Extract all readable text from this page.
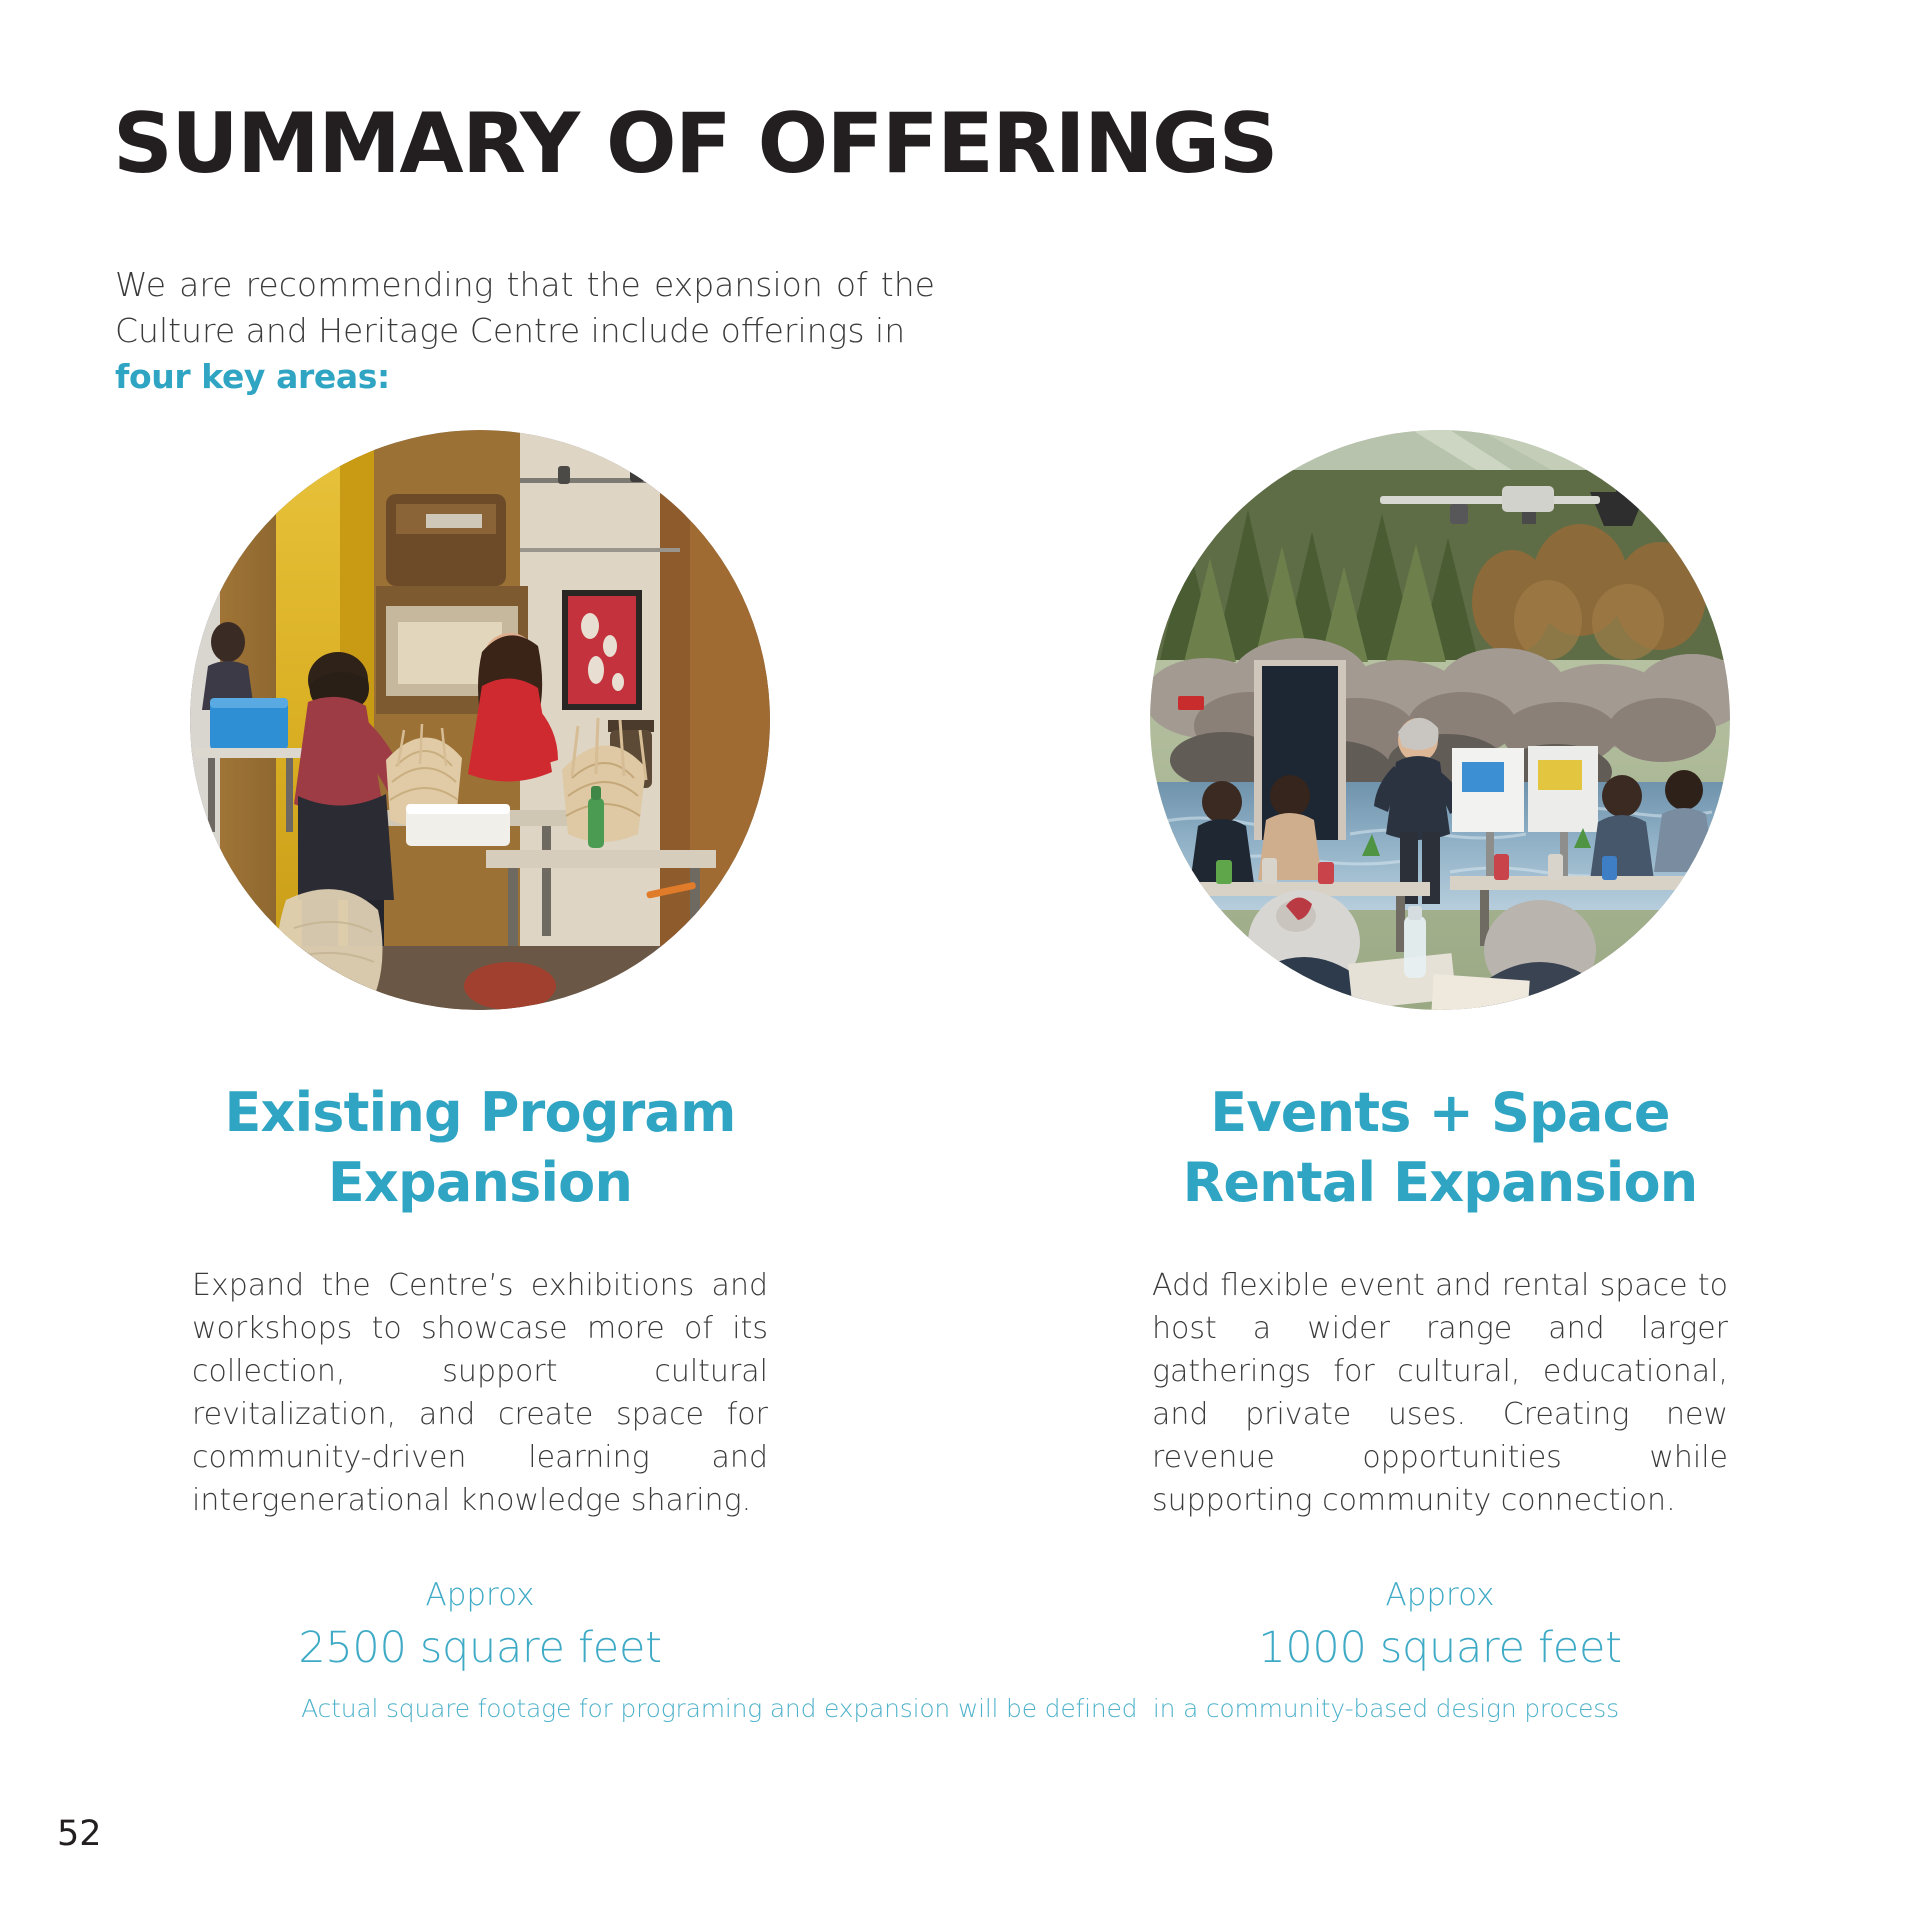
SUMMARY OF OFFERINGS
We are recommending that the expansion of the
Culture and Heritage Centre include offerings in
four key areas:
Existing Program
Expansion

Expand the Centre’s exhibitions and workshops to showcase more of its collection, support cultural revitalization, and create space for community-driven learning and intergenerational knowledge sharing.

Approx
2500 square feet
Events + Space
Rental Expansion

Add flexible event and rental space to host a wider range and larger gatherings for cultural, educational, and private uses. Creating new revenue opportunities while supporting community connection.

Approx
1000 square feet
Actual square footage for programing and expansion will be defined  in a community-based design process
52
